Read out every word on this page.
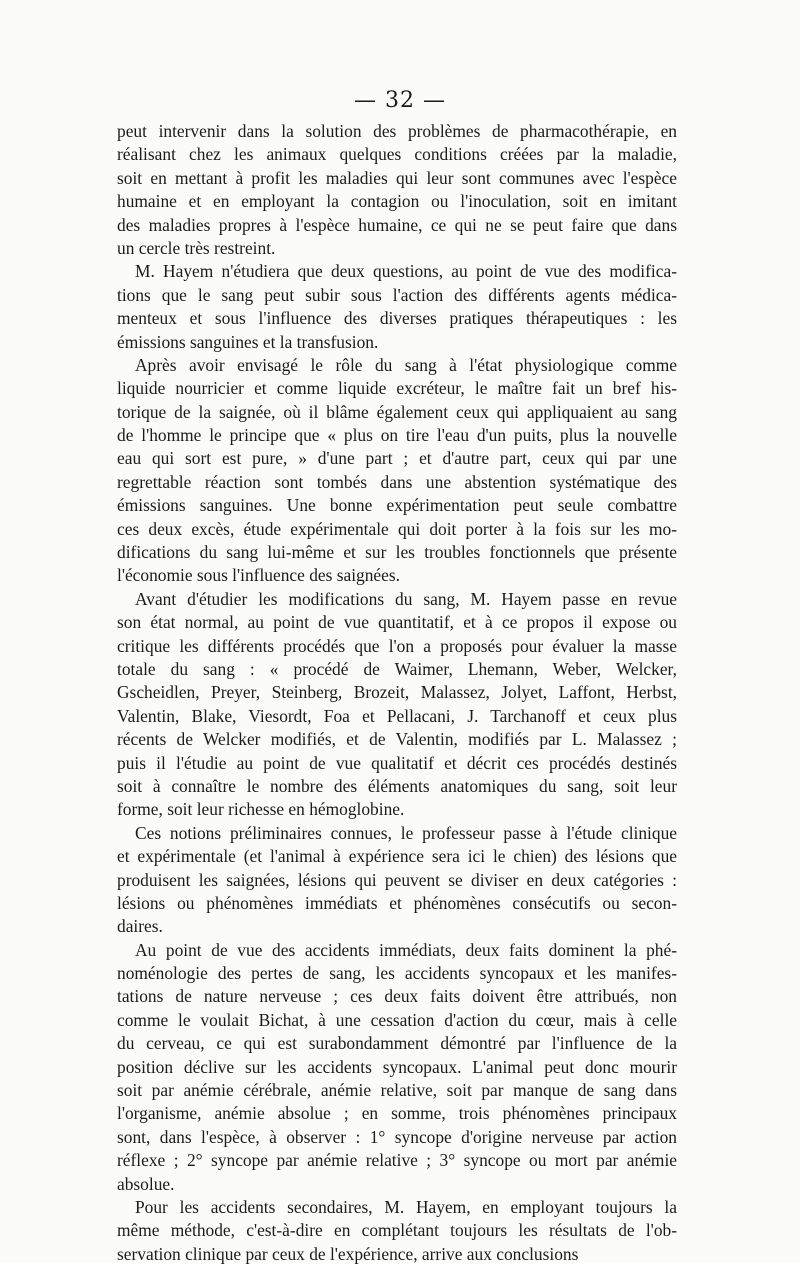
— 32 —
peut intervenir dans la solution des problèmes de pharmacothérapie, en
réalisant chez les animaux quelques conditions créées par la maladie,
soit en mettant à profit les maladies qui leur sont communes avec l'espèce
humaine et en employant la contagion ou l'inoculation, soit en imitant
des maladies propres à l'espèce humaine, ce qui ne se peut faire que dans
un cercle très restreint.
M. Hayem n'étudiera que deux questions, au point de vue des modifica-
tions que le sang peut subir sous l'action des différents agents médica-
menteux et sous l'influence des diverses pratiques thérapeutiques : les
émissions sanguines et la transfusion.
Après avoir envisagé le rôle du sang à l'état physiologique comme
liquide nourricier et comme liquide excréteur, le maître fait un bref his-
torique de la saignée, où il blâme également ceux qui appliquaient au sang
de l'homme le principe que « plus on tire l'eau d'un puits, plus la nouvelle
eau qui sort est pure, » d'une part ; et d'autre part, ceux qui par une
regrettable réaction sont tombés dans une abstention systématique des
émissions sanguines. Une bonne expérimentation peut seule combattre
ces deux excès, étude expérimentale qui doit porter à la fois sur les mo-
difications du sang lui-même et sur les troubles fonctionnels que présente
l'économie sous l'influence des saignées.
Avant d'étudier les modifications du sang, M. Hayem passe en revue
son état normal, au point de vue quantitatif, et à ce propos il expose ou
critique les différents procédés que l'on a proposés pour évaluer la masse
totale du sang : « procédé de Waimer, Lhemann, Weber, Welcker,
Gscheidlen, Preyer, Steinberg, Brozeit, Malassez, Jolyet, Laffont, Herbst,
Valentin, Blake, Viesordt, Foa et Pellacani, J. Tarchanoff et ceux plus
récents de Welcker modifiés, et de Valentin, modifiés par L. Malassez ;
puis il l'étudie au point de vue qualitatif et décrit ces procédés destinés
soit à connaître le nombre des éléments anatomiques du sang, soit leur
forme, soit leur richesse en hémoglobine.
Ces notions préliminaires connues, le professeur passe à l'étude clinique
et expérimentale (et l'animal à expérience sera ici le chien) des lésions que
produisent les saignées, lésions qui peuvent se diviser en deux catégories :
lésions ou phénomènes immédiats et phénomènes consécutifs ou secon-
daires.
Au point de vue des accidents immédiats, deux faits dominent la phé-
noménologie des pertes de sang, les accidents syncopaux et les manifes-
tations de nature nerveuse ; ces deux faits doivent être attribués, non
comme le voulait Bichat, à une cessation d'action du cœur, mais à celle
du cerveau, ce qui est surabondamment démontré par l'influence de la
position déclive sur les accidents syncopaux. L'animal peut donc mourir
soit par anémie cérébrale, anémie relative, soit par manque de sang dans
l'organisme, anémie absolue ; en somme, trois phénomènes principaux
sont, dans l'espèce, à observer : 1° syncope d'origine nerveuse par action
réflexe ; 2° syncope par anémie relative ; 3° syncope ou mort par anémie
absolue.
Pour les accidents secondaires, M. Hayem, en employant toujours la
même méthode, c'est-à-dire en complétant toujours les résultats de l'ob-
servation clinique par ceux de l'expérience, arrive aux conclusions
